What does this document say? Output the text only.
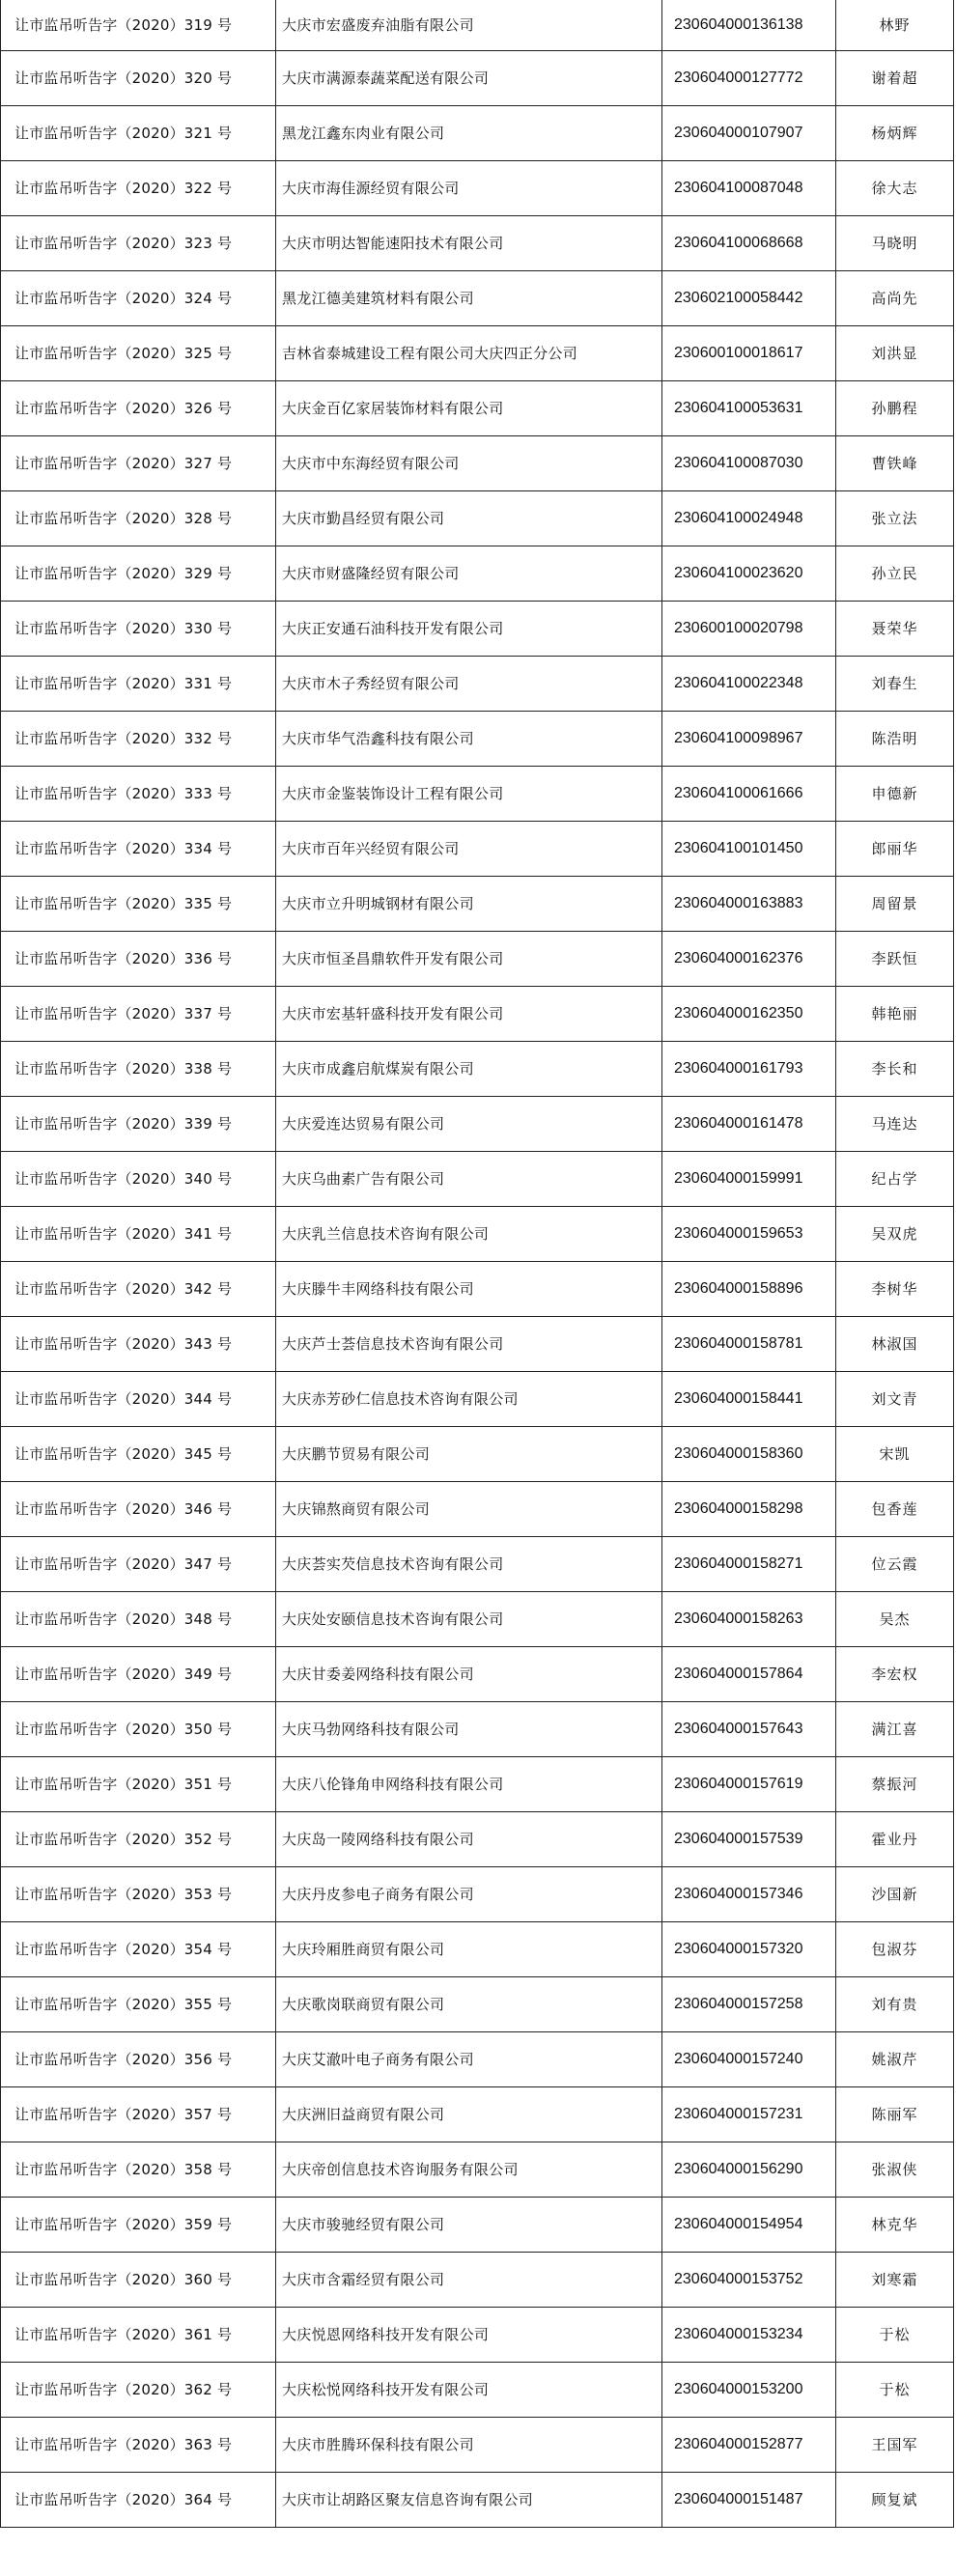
让市监吊听告字（2020）319 号	大庆市宏盛废弃油脂有限公司	230604000136138	林野
让市监吊听告字（2020）320 号	大庆市满源泰蔬菜配送有限公司	230604000127772	谢着超
让市监吊听告字（2020）321 号	黑龙江鑫东肉业有限公司	230604000107907	杨炳辉
让市监吊听告字（2020）322 号	大庆市海佳源经贸有限公司	230604100087048	徐大志
让市监吊听告字（2020）323 号	大庆市明达智能速阳技术有限公司	230604100068668	马晓明
让市监吊听告字（2020）324 号	黑龙江德美建筑材料有限公司	230602100058442	高尚先
让市监吊听告字（2020）325 号	吉林省泰城建设工程有限公司大庆四正分公司	230600100018617	刘洪显
让市监吊听告字（2020）326 号	大庆金百亿家居装饰材料有限公司	230604100053631	孙鹏程
让市监吊听告字（2020）327 号	大庆市中东海经贸有限公司	230604100087030	曹铁峰
让市监吊听告字（2020）328 号	大庆市勤昌经贸有限公司	230604100024948	张立法
让市监吊听告字（2020）329 号	大庆市财盛隆经贸有限公司	230604100023620	孙立民
让市监吊听告字（2020）330 号	大庆正安通石油科技开发有限公司	230600100020798	聂荣华
让市监吊听告字（2020）331 号	大庆市木子秀经贸有限公司	230604100022348	刘春生
让市监吊听告字（2020）332 号	大庆市华气浩鑫科技有限公司	230604100098967	陈浩明
让市监吊听告字（2020）333 号	大庆市金鉴装饰设计工程有限公司	230604100061666	申德新
让市监吊听告字（2020）334 号	大庆市百年兴经贸有限公司	230604100101450	郎丽华
让市监吊听告字（2020）335 号	大庆市立升明城钢材有限公司	230604000163883	周留景
让市监吊听告字（2020）336 号	大庆市恒圣昌鼎软件开发有限公司	230604000162376	李跃恒
让市监吊听告字（2020）337 号	大庆市宏基轩盛科技开发有限公司	230604000162350	韩艳丽
让市监吊听告字（2020）338 号	大庆市成鑫启航煤炭有限公司	230604000161793	李长和
让市监吊听告字（2020）339 号	大庆爱连达贸易有限公司	230604000161478	马连达
让市监吊听告字（2020）340 号	大庆乌曲素广告有限公司	230604000159991	纪占学
让市监吊听告字（2020）341 号	大庆乳兰信息技术咨询有限公司	230604000159653	吴双虎
让市监吊听告字（2020）342 号	大庆滕牛丰网络科技有限公司	230604000158896	李树华
让市监吊听告字（2020）343 号	大庆芦士荟信息技术咨询有限公司	230604000158781	林淑国
让市监吊听告字（2020）344 号	大庆赤芳砂仁信息技术咨询有限公司	230604000158441	刘文青
让市监吊听告字（2020）345 号	大庆鹏节贸易有限公司	230604000158360	宋凯
让市监吊听告字（2020）346 号	大庆锦熬商贸有限公司	230604000158298	包香莲
让市监吊听告字（2020）347 号	大庆荟实芡信息技术咨询有限公司	230604000158271	位云霞
让市监吊听告字（2020）348 号	大庆处安颐信息技术咨询有限公司	230604000158263	吴杰
让市监吊听告字（2020）349 号	大庆甘委姜网络科技有限公司	230604000157864	李宏权
让市监吊听告字（2020）350 号	大庆马勃网络科技有限公司	230604000157643	满江喜
让市监吊听告字（2020）351 号	大庆八伦锋角申网络科技有限公司	230604000157619	蔡振河
让市监吊听告字（2020）352 号	大庆岛一陵网络科技有限公司	230604000157539	霍业丹
让市监吊听告字（2020）353 号	大庆丹皮参电子商务有限公司	230604000157346	沙国新
让市监吊听告字（2020）354 号	大庆玲厢胜商贸有限公司	230604000157320	包淑芬
让市监吊听告字（2020）355 号	大庆歌岗联商贸有限公司	230604000157258	刘有贵
让市监吊听告字（2020）356 号	大庆艾澈叶电子商务有限公司	230604000157240	姚淑芹
让市监吊听告字（2020）357 号	大庆洲旧益商贸有限公司	230604000157231	陈丽军
让市监吊听告字（2020）358 号	大庆帝创信息技术咨询服务有限公司	230604000156290	张淑侠
让市监吊听告字（2020）359 号	大庆市骏驰经贸有限公司	230604000154954	林克华
让市监吊听告字（2020）360 号	大庆市含霜经贸有限公司	230604000153752	刘寒霜
让市监吊听告字（2020）361 号	大庆悦恩网络科技开发有限公司	230604000153234	于松
让市监吊听告字（2020）362 号	大庆松悦网络科技开发有限公司	230604000153200	于松
让市监吊听告字（2020）363 号	大庆市胜腾环保科技有限公司	230604000152877	王国军
让市监吊听告字（2020）364 号	大庆市让胡路区聚友信息咨询有限公司	230604000151487	顾复斌
